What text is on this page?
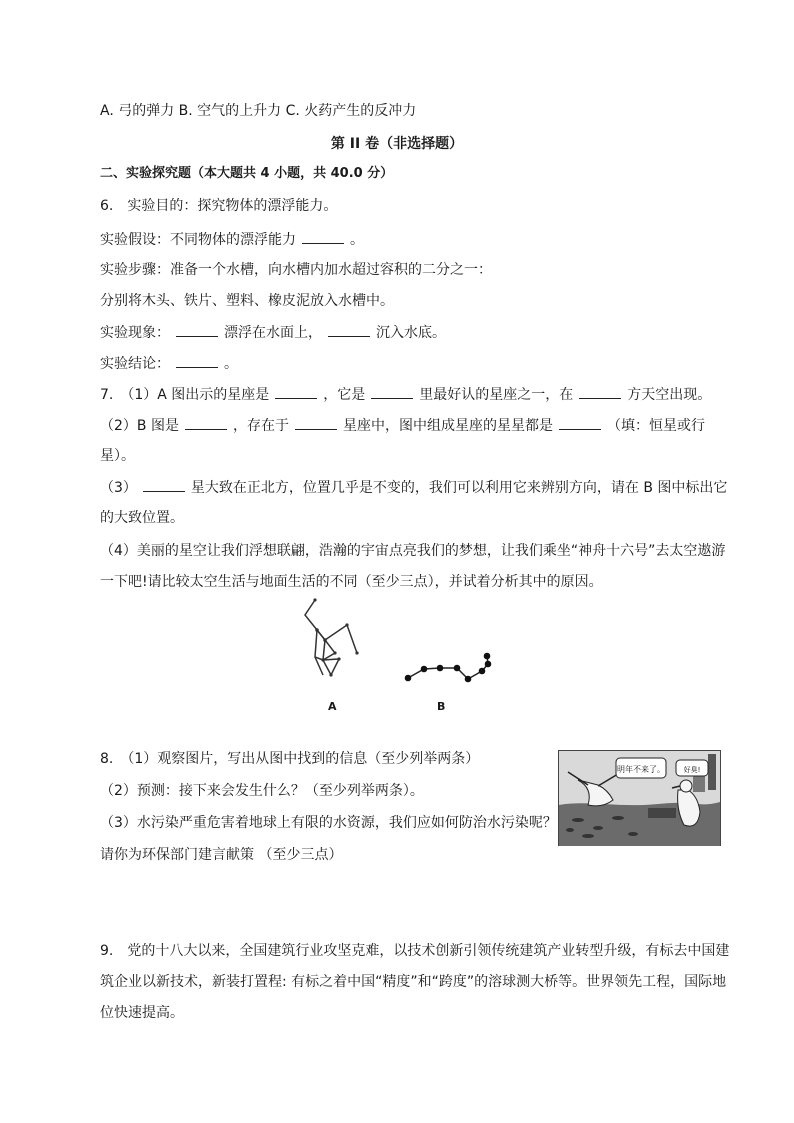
A. 弓的弹力 B. 空气的上升力 C. 火药产生的反冲力
第 II 卷（非选择题）
二、实验探究题（本大题共 4 小题，共 40.0 分）
6.　实验目的：探究物体的漂浮能力。
实验假设：不同物体的漂浮能力	。
实验步骤：准备一个水槽，向水槽内加水超过容积的二分之一：
分别将木头、铁片、塑料、橡皮泥放入水槽中。
实验现象：	漂浮在水面上，	沉入水底。
实验结论：	。
7.　（1）A 图出示的星座是	，它是	里最好认的星座之一，在	方天空出现。
（2）B 图是	，存在于	星座中，图中组成星座的星星都是	（填：恒星或行
星）。
（3）	星大致在正北方，位置几乎是不变的，我们可以利用它来辨别方向，请在 B 图中标出它
的大致位置。
（4）美丽的星空让我们浮想联翩，浩瀚的宇宙点亮我们的梦想，让我们乘坐“神舟十六号”去太空遨游
一下吧!请比较太空生活与地面生活的不同（至少三点），并试着分析其中的原因。
A	B
8.　（1）观察图片，写出从图中找到的信息（至少列举两条）
（2）预测：接下来会发生什么？（至少列举两条）。
（3）水污染严重危害着地球上有限的水资源，我们应如何防治水污染呢？
请你为环保部门建言献策 （至少三点）
明年不来了。	好臭!
9.　党的十八大以来，全国建筑行业攻坚克难，以技术创新引领传统建筑产业转型升级，有标去中国建
筑企业以新技术，新装打置程: 有标之着中国“精度”和“跨度”的溶球测大桥等。世界领先工程，国际地
位快速提高。
